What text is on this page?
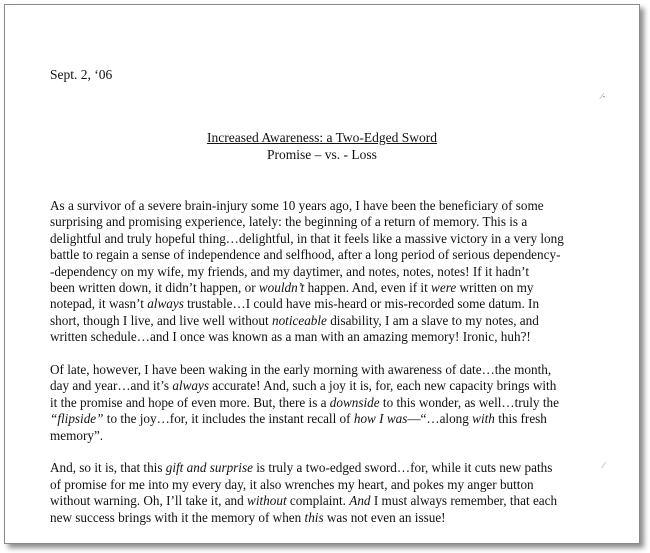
Sept. 2, ‘06
Increased Awareness: a Two-Edged Sword
Promise – vs. - Loss
As a survivor of a severe brain-injury some 10 years ago, I have been the beneficiary of some
surprising and promising experience, lately: the beginning of a return of memory. This is a
delightful and truly hopeful thing…delightful, in that it feels like a massive victory in a very long
battle to regain a sense of independence and selfhood, after a long period of serious dependency-
-dependency on my wife, my friends, and my daytimer, and notes, notes, notes! If it hadn’t
been written down, it didn’t happen, or wouldn’t happen. And, even if it were written on my
notepad, it wasn’t always trustable…I could have mis-heard or mis-recorded some datum. In
short, though I live, and live well without noticeable disability, I am a slave to my notes, and
written schedule…and I once was known as a man with an amazing memory! Ironic, huh?!
Of late, however, I have been waking in the early morning with awareness of date…the month,
day and year…and it’s always accurate! And, such a joy it is, for, each new capacity brings with
it the promise and hope of even more. But, there is a downside to this wonder, as well…truly the
“flipside” to the joy…for, it includes the instant recall of how I was—“…along with this fresh
memory”.
And, so it is, that this gift and surprise is truly a two-edged sword…for, while it cuts new paths
of promise for me into my every day, it also wrenches my heart, and pokes my anger button
without warning. Oh, I’ll take it, and without complaint. And I must always remember, that each
new success brings with it the memory of when this was not even an issue!
∕‐
∕
